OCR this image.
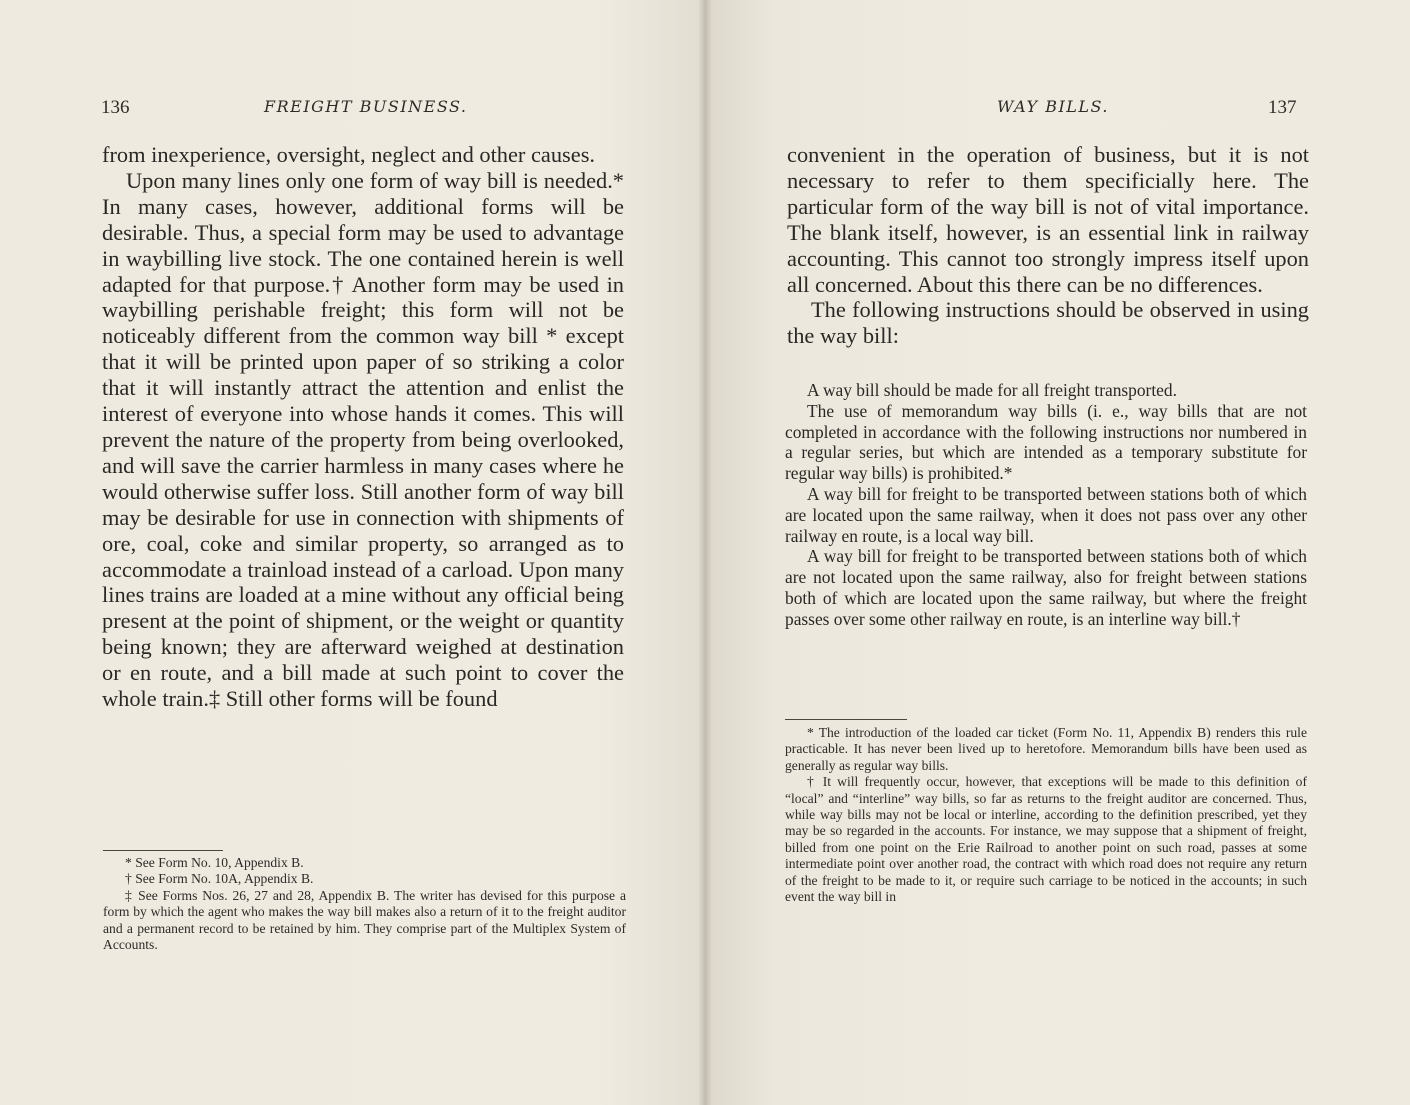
136	FREIGHT BUSINESS.

from inexperience, oversight, neglect and other causes.

Upon many lines only one form of way bill is needed.* In many cases, however, additional forms will be desirable. Thus, a special form may be used to advantage in waybilling live stock. The one contained herein is well adapted for that purpose.† Another form may be used in waybilling perishable freight; this form will not be noticeably different from the common way bill * except that it will be printed upon paper of so striking a color that it will instantly attract the attention and enlist the interest of everyone into whose hands it comes. This will prevent the nature of the property from being overlooked, and will save the carrier harmless in many cases where he would otherwise suffer loss. Still another form of way bill may be desirable for use in connection with shipments of ore, coal, coke and similar property, so arranged as to accommodate a trainload instead of a carload. Upon many lines trains are loaded at a mine without any official being present at the point of shipment, or the weight or quantity being known; they are afterward weighed at destination or en route, and a bill made at such point to cover the whole train.‡ Still other forms will be found

* See Form No. 10, Appendix B.

† See Form No. 10A, Appendix B.

‡ See Forms Nos. 26, 27 and 28, Appendix B. The writer has devised for this purpose a form by which the agent who makes the way bill makes also a return of it to the freight auditor and a permanent record to be retained by him. They comprise part of the Multiplex System of Accounts.

WAY BILLS.	137

convenient in the operation of business, but it is not necessary to refer to them specificially here. The particular form of the way bill is not of vital importance. The blank itself, however, is an essential link in railway accounting. This cannot too strongly impress itself upon all concerned. About this there can be no differences.

The following instructions should be observed in using the way bill:

A way bill should be made for all freight transported.

The use of memorandum way bills (i. e., way bills that are not completed in accordance with the following instructions nor numbered in a regular series, but which are intended as a temporary substitute for regular way bills) is prohibited.*

A way bill for freight to be transported between stations both of which are located upon the same railway, when it does not pass over any other railway en route, is a local way bill.

A way bill for freight to be transported between stations both of which are not located upon the same railway, also for freight between stations both of which are located upon the same railway, but where the freight passes over some other railway en route, is an interline way bill.†

* The introduction of the loaded car ticket (Form No. 11, Appendix B) renders this rule practicable. It has never been lived up to heretofore. Memorandum bills have been used as generally as regular way bills.

† It will frequently occur, however, that exceptions will be made to this definition of “local” and “interline” way bills, so far as returns to the freight auditor are concerned. Thus, while way bills may not be local or interline, according to the definition prescribed, yet they may be so regarded in the accounts. For instance, we may suppose that a shipment of freight, billed from one point on the Erie Railroad to another point on such road, passes at some intermediate point over another road, the contract with which road does not require any return of the freight to be made to it, or require such carriage to be noticed in the accounts; in such event the way bill in
